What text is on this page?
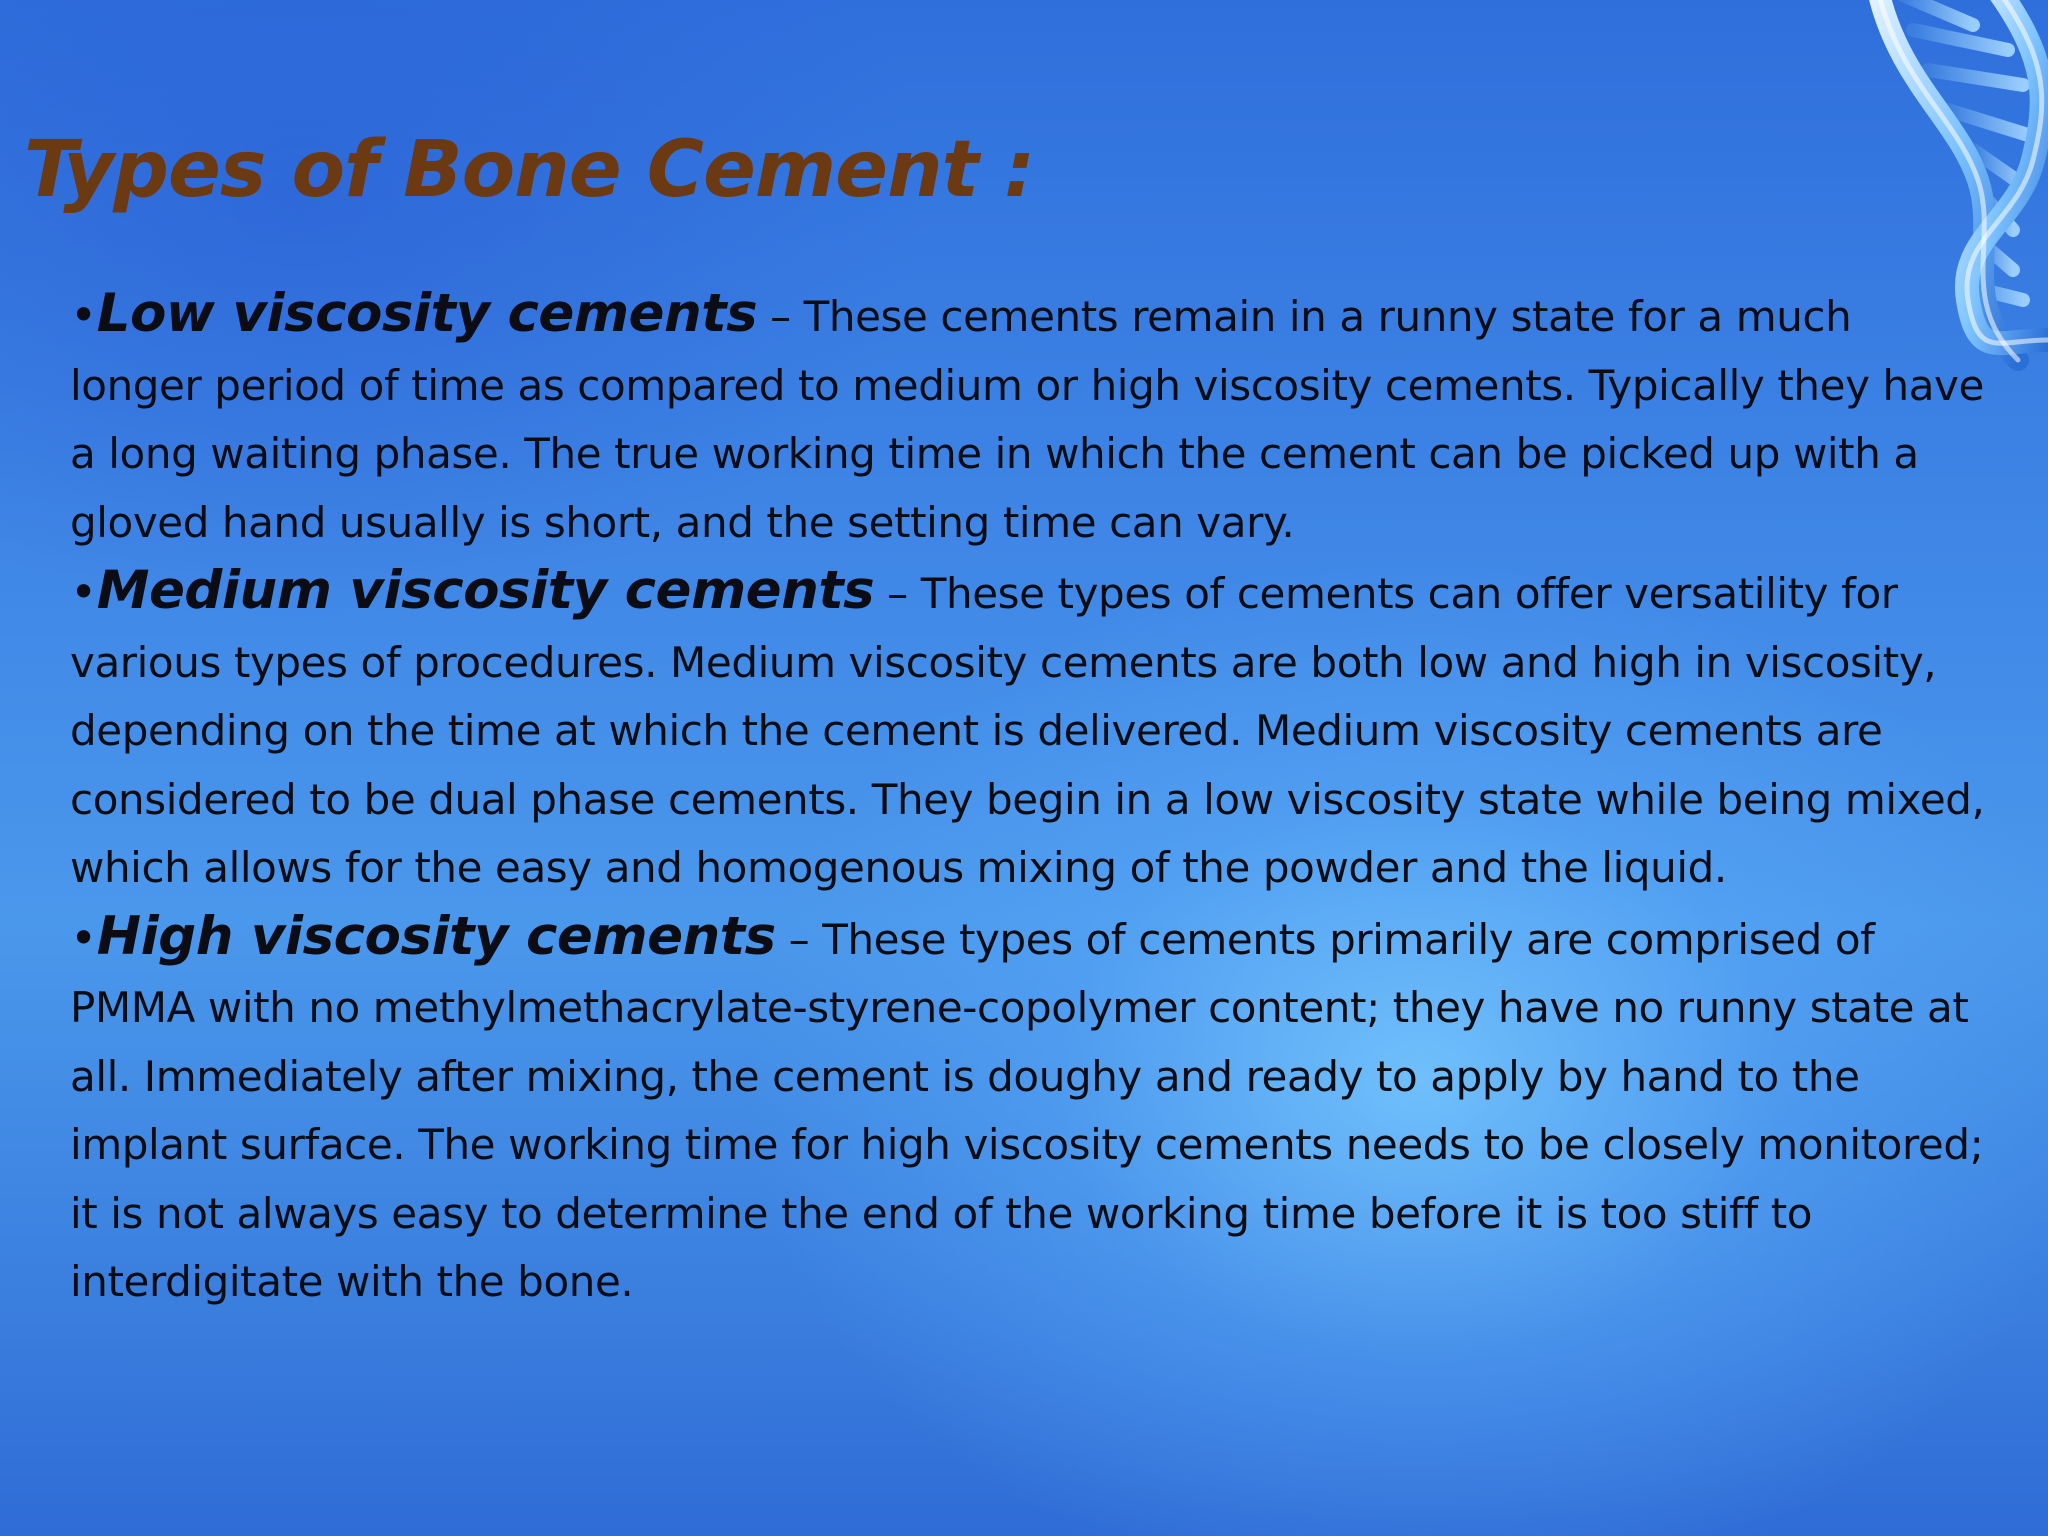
Types of Bone Cement :

•Low viscosity cements – These cements remain in a runny state for a much longer period of time as compared to medium or high viscosity cements. Typically they have a long waiting phase. The true working time in which the cement can be picked up with a gloved hand usually is short, and the setting time can vary.

•Medium viscosity cements – These types of cements can offer versatility for various types of procedures. Medium viscosity cements are both low and high in viscosity, depending on the time at which the cement is delivered. Medium viscosity cements are considered to be dual phase cements. They begin in a low viscosity state while being mixed, which allows for the easy and homogenous mixing of the powder and the liquid.

•High viscosity cements – These types of cements primarily are comprised of PMMA with no methylmethacrylate-styrene-copolymer content; they have no runny state at all. Immediately after mixing, the cement is doughy and ready to apply by hand to the implant surface. The working time for high viscosity cements needs to be closely monitored; it is not always easy to determine the end of the working time before it is too stiff to interdigitate with the bone.
